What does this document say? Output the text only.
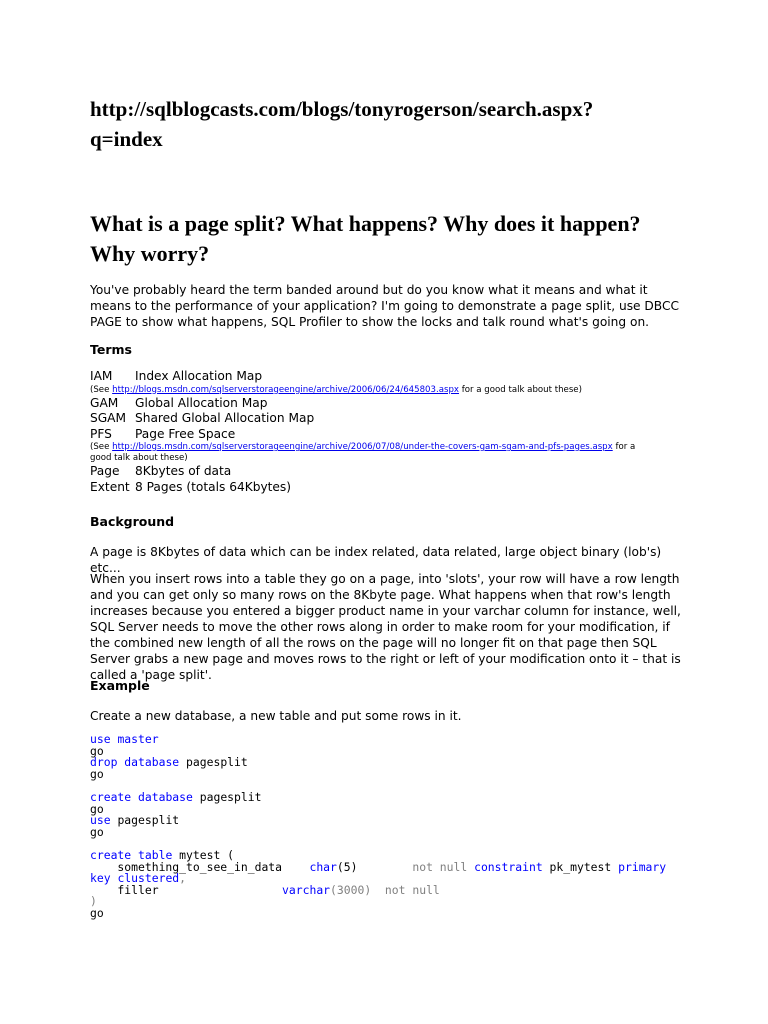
http://sqlblogcasts.com/blogs/tonyrogerson/search.aspx?
q=index
What is a page split? What happens? Why does it happen?
Why worry?
You've probably heard the term banded around but do you know what it means and what it means to the performance of your application? I'm going to demonstrate a page split, use DBCC PAGE to show what happens, SQL Profiler to show the locks and talk round what's going on.
Terms
IAM Index Allocation Map
(See http://blogs.msdn.com/sqlserverstorageengine/archive/2006/06/24/645803.aspx for a good talk about these)
GAM Global Allocation Map
SGAM Shared Global Allocation Map
PFS Page Free Space
(See http://blogs.msdn.com/sqlserverstorageengine/archive/2006/07/08/under-the-covers-gam-sgam-and-pfs-pages.aspx for a
good talk about these)
Page 8Kbytes of data
Extent 8 Pages (totals 64Kbytes)
Background
A page is 8Kbytes of data which can be index related, data related, large object binary (lob's) etc...
When you insert rows into a table they go on a page, into 'slots', your row will have a row length and you can get only so many rows on the 8Kbyte page. What happens when that row's length increases because you entered a bigger product name in your varchar column for instance, well, SQL Server needs to move the other rows along in order to make room for your modification, if the combined new length of all the rows on the page will no longer fit on that page then SQL Server grabs a new page and moves rows to the right or left of your modification onto it – that is called a 'page split'.
Example
Create a new database, a new table and put some rows in it.
use master
go
drop database pagesplit
go

create database pagesplit
go
use pagesplit
go

create table mytest (
something_to_see_in_data char(5)	not null constraint pk_mytest primary
key clustered,
filler	varchar(3000) not null
)
go
